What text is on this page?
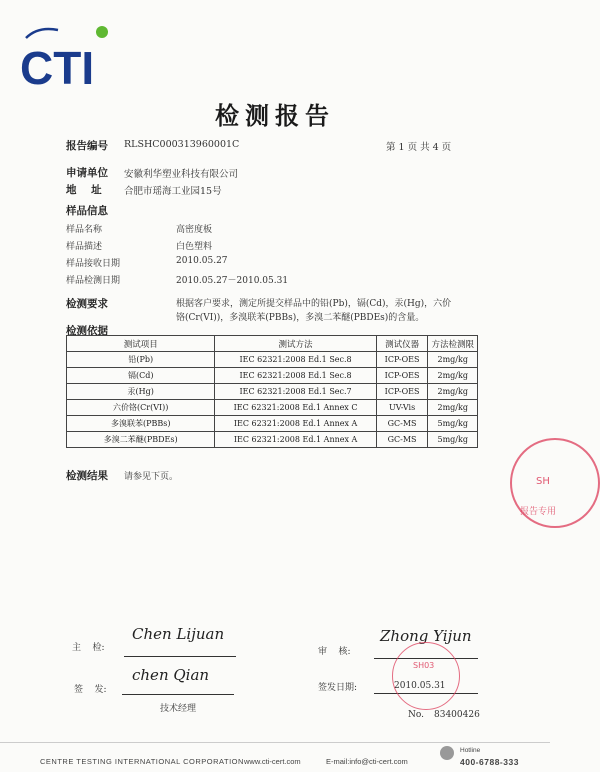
CTI
检测报告
报告编号 RLSHC000313960001C	第 1 页 共 4 页
申请单位 安徽利华塑业科技有限公司
地    址 合肥市瑶海工业园15号
样品信息
样品名称	高密度板
样品描述	白色塑料
样品接收日期	2010.05.27
样品检测日期	2010.05.27－2010.05.31
检测要求	根据客户要求，测定所提交样品中的铅(Pb)，镉(Cd)，汞(Hg)，六价
铬(Cr(VI))，多溴联苯(PBBs)，多溴二苯醚(PBDEs)的含量。
检测依据
测试项目	测试方法	测试仪器	方法检测限
铅(Pb)	IEC 62321:2008 Ed.1 Sec.8	ICP-OES	2mg/kg
镉(Cd)	IEC 62321:2008 Ed.1 Sec.8	ICP-OES	2mg/kg
汞(Hg)	IEC 62321:2008 Ed.1 Sec.7	ICP-OES	2mg/kg
六价铬(Cr(VI))	IEC 62321:2008 Ed.1 Annex C	UV-Vis	2mg/kg
多溴联苯(PBBs)	IEC 62321:2008 Ed.1 Annex A	GC-MS	5mg/kg
多溴二苯醚(PBDEs)	IEC 62321:2008 Ed.1 Annex A	GC-MS	5mg/kg
检测结果 请参见下页。	SH
报告专用
主    检:
Chen Lijuan
审    核:
Zhong Yijun
签    发:
chen Qian
技术经理
签发日期:	2010.05.31
SH03
No. 83400426
CENTRE TESTING INTERNATIONAL CORPORATION www.cti-cert.com	E-mail:info@cti-cert.com
Hotline
400-6788-333
